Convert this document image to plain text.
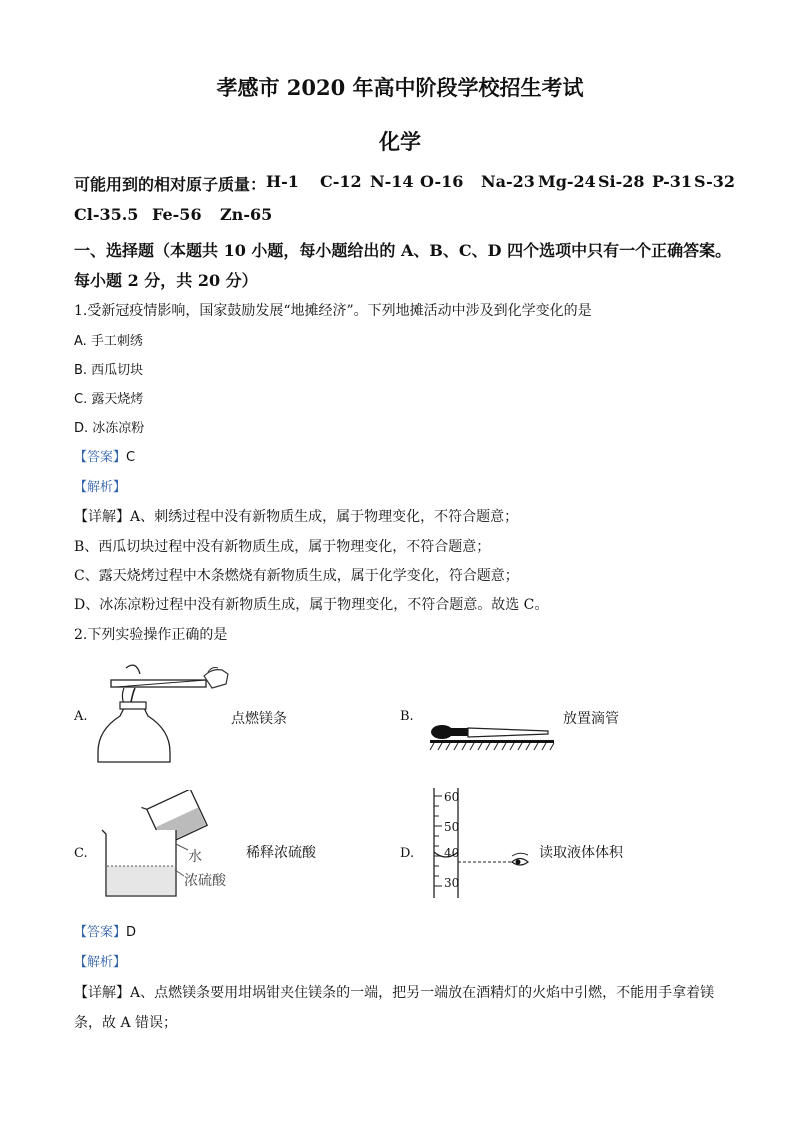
孝感市 2020 年高中阶段学校招生考试
化学
可能用到的相对原子质量： H-1 C-12 N-14 O-16 Na-23 Mg-24 Si-28 P-31 S-32
Cl-35.5 Fe-56 Zn-65
一、选择题（本题共 10 小题，每小题给出的 A、B、C、D 四个选项中只有一个正确答案。
每小题 2 分，共 20 分）
1.受新冠疫情影响，国家鼓励发展“地摊经济”。下列地摊活动中涉及到化学变化的是
A. 手工刺绣
B. 西瓜切块
C. 露天烧烤
D. 冰冻凉粉
【答案】C
【解析】
【详解】A、刺绣过程中没有新物质生成，属于物理变化，不符合题意；
B、西瓜切块过程中没有新物质生成，属于物理变化，不符合题意；
C、露天烧烤过程中木条燃烧有新物质生成，属于化学变化，符合题意；
D、冰冻凉粉过程中没有新物质生成，属于物理变化，不符合题意。故选 C。
2.下列实验操作正确的是
A.	点燃镁条	B.	放置滴管
C.	水
浓硫酸
稀释浓硫酸	D.
60
50
40
30
读取液体体积
【答案】D
【解析】
【详解】A、点燃镁条要用坩埚钳夹住镁条的一端，把另一端放在酒精灯的火焰中引燃，不能用手拿着镁
条，故 A 错误；
